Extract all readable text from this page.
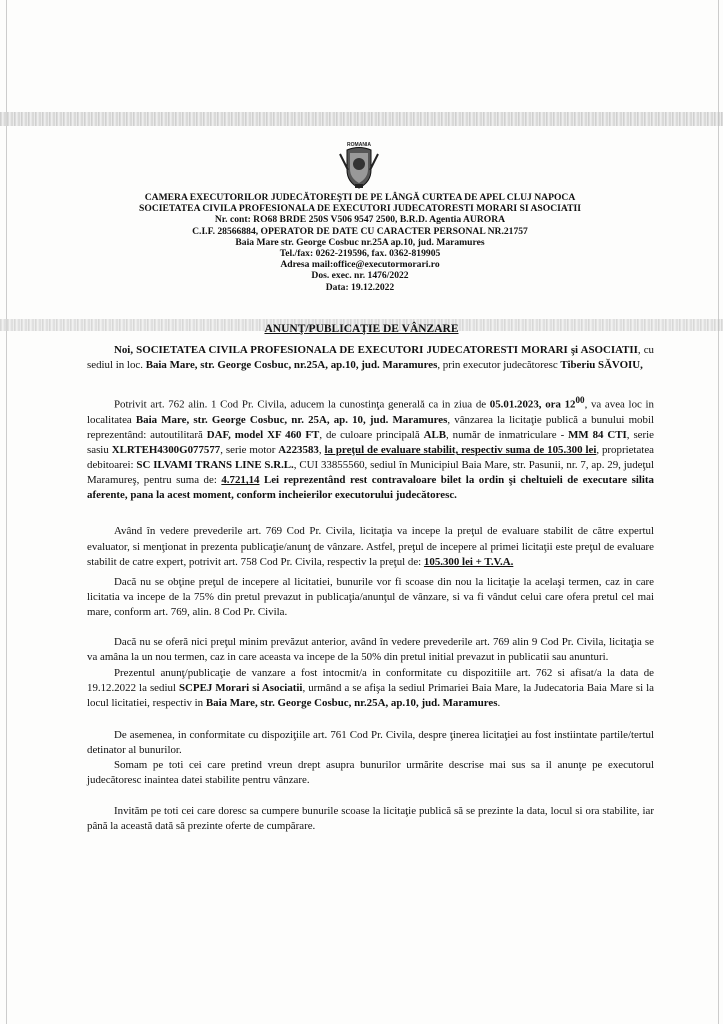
ROMANIA
CAMERA EXECUTORILOR JUDECĂTOREŞTI DE PE LÂNGĂ CURTEA DE APEL CLUJ NAPOCA
SOCIETATEA CIVILA PROFESIONALA DE EXECUTORI JUDECATORESTI MORARI SI ASOCIATII
Nr. cont: RO68 BRDE 250S V506 9547 2500, B.R.D. Agentia AURORA
C.I.F. 28566884, OPERATOR DE DATE CU CARACTER PERSONAL NR.21757
Baia Mare str. George Cosbuc nr.25A ap.10, jud. Maramures
Tel./fax: 0262-219596, fax. 0362-819905
Adresa mail:office@executormorari.ro
Dos. exec. nr. 1476/2022
Data: 19.12.2022
ANUNŢ/PUBLICAŢIE DE VÂNZARE

Noi, SOCIETATEA CIVILA PROFESIONALA DE EXECUTORI JUDECATORESTI MORARI şi ASOCIATII, cu sediul in loc. Baia Mare, str. George Cosbuc, nr.25A, ap.10, jud. Maramures, prin executor judecătoresc Tiberiu SĂVOIU,

Potrivit art. 762 alin. 1 Cod Pr. Civila, aducem la cunostinţa generală ca in ziua de 05.01.2023, ora $12^{00}$, va avea loc in localitatea Baia Mare, str. George Cosbuc, nr. 25A, ap. 10, jud. Maramures, vânzarea la licitaţie publică a bunului mobil reprezentând: autoutilitară DAF, model XF 460 FT, de culoare principală ALB, număr de inmatriculare - MM 84 CTI, serie sasiu XLRTEH4300G077577, serie motor A223583, la preţul de evaluare stabilit, respectiv suma de 105.300 lei, proprietatea debitoarei: SC ILVAMI TRANS LINE S.R.L., CUI 33855560, sediul în Municipiul Baia Mare, str. Pasunii, nr. 7, ap. 29, judeţul Maramureş, pentru suma de: 4.721,14 Lei reprezentând rest contravaloare bilet la ordin şi cheltuieli de executare silita aferente, pana la acest moment, conform incheierilor executorului judecătoresc.

Având în vedere prevederile art. 769 Cod Pr. Civila, licitaţia va incepe la preţul de evaluare stabilit de către expertul evaluator, si menţionat in prezenta publicaţie/anunţ de vânzare. Astfel, preţul de incepere al primei licitaţii este preţul de evaluare stabilit de catre expert, potrivit art. 758 Cod Pr. Civila, respectiv la preţul de: 105.300 lei + T.V.A.

Dacă nu se obţine preţul de incepere al licitatiei, bunurile vor fi scoase din nou la licitaţie la acelaşi termen, caz in care licitatia va incepe de la 75% din pretul prevazut in publicaţia/anunţul de vânzare, si va fi vândut celui care ofera pretul cel mai mare, conform art. 769, alin. 8 Cod Pr. Civila.

Dacă nu se oferă nici preţul minim prevăzut anterior, având în vedere prevederile art. 769 alin 9 Cod Pr. Civila, licitaţia se va amâna la un nou termen, caz in care aceasta va incepe de la 50% din pretul initial prevazut in publicatii sau anunturi.

Prezentul anunţ/publicaţie de vanzare a fost intocmit/a in conformitate cu dispozitiile art. 762 si afisat/a la data de 19.12.2022 la sediul SCPEJ Morari si Asociatii, urmând a se afişa la sediul Primariei Baia Mare, la Judecatoria Baia Mare si la locul licitatiei, respectiv in Baia Mare, str. George Cosbuc, nr.25A, ap.10, jud. Maramures.

De asemenea, in conformitate cu dispoziţiile art. 761 Cod Pr. Civila, despre ţinerea licitaţiei au fost instiintate partile/tertul detinator al bunurilor.

Somam pe toti cei care pretind vreun drept asupra bunurilor urmărite descrise mai sus sa il anunţe pe executorul judecătoresc inaintea datei stabilite pentru vânzare.

Invităm pe toti cei care doresc sa cumpere bunurile scoase la licitaţie publică să se prezinte la data, locul si ora stabilite, iar până la această dată să prezinte oferte de cumpărare.
